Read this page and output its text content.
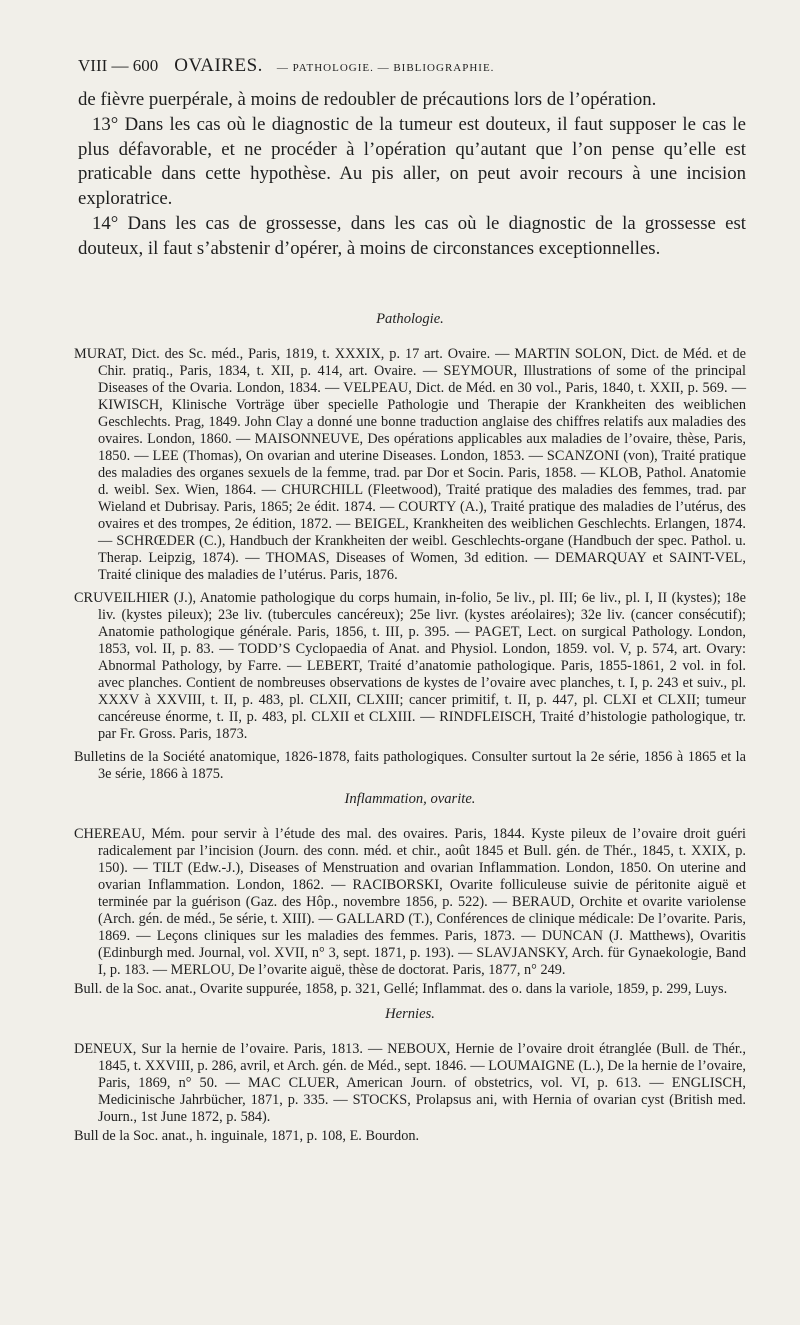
VIII — 600 OVAIRES. — PATHOLOGIE. — BIBLIOGRAPHIE.

de fièvre puerpérale, à moins de redoubler de précautions lors de l’opération.

13° Dans les cas où le diagnostic de la tumeur est douteux, il faut supposer le cas le plus défavorable, et ne procéder à l’opération qu’autant que l’on pense qu’elle est praticable dans cette hypothèse. Au pis aller, on peut avoir recours à une incision exploratrice.

14° Dans les cas de grossesse, dans les cas où le diagnostic de la grossesse est douteux, il faut s’abstenir d’opérer, à moins de circonstances exceptionnelles.

Pathologie.

MURAT, Dict. des Sc. méd., Paris, 1819, t. XXXIX, p. 17 art. Ovaire. — MARTIN SOLON, Dict. de Méd. et de Chir. pratiq., Paris, 1834, t. XII, p. 414, art. Ovaire. — SEYMOUR, Illustrations of some of the principal Diseases of the Ovaria. London, 1834. — VELPEAU, Dict. de Méd. en 30 vol., Paris, 1840, t. XXII, p. 569. — KIWISCH, Klinische Vorträge über specielle Pathologie und Therapie der Krankheiten des weiblichen Geschlechts. Prag, 1849. John Clay a donné une bonne traduction anglaise des chiffres relatifs aux maladies des ovaires. London, 1860. — MAISONNEUVE, Des opérations applicables aux maladies de l’ovaire, thèse, Paris, 1850. — LEE (Thomas), On ovarian and uterine Diseases. London, 1853. — SCANZONI (von), Traité pratique des maladies des organes sexuels de la femme, trad. par Dor et Socin. Paris, 1858. — KLOB, Pathol. Anatomie d. weibl. Sex. Wien, 1864. — CHURCHILL (Fleetwood), Traité pratique des maladies des femmes, trad. par Wieland et Dubrisay. Paris, 1865; 2e édit. 1874. — COURTY (A.), Traité pratique des maladies de l’utérus, des ovaires et des trompes, 2e édition, 1872. — BEIGEL, Krankheiten des weiblichen Geschlechts. Erlangen, 1874. — SCHRŒDER (C.), Handbuch der Krankheiten der weibl. Geschlechts-organe (Handbuch der spec. Pathol. u. Therap. Leipzig, 1874). — THOMAS, Diseases of Women, 3d edition. — DEMARQUAY et SAINT-VEL, Traité clinique des maladies de l’utérus. Paris, 1876.

CRUVEILHIER (J.), Anatomie pathologique du corps humain, in-folio, 5e liv., pl. III; 6e liv., pl. I, II (kystes); 18e liv. (kystes pileux); 23e liv. (tubercules cancéreux); 25e livr. (kystes aréolaires); 32e liv. (cancer consécutif); Anatomie pathologique générale. Paris, 1856, t. III, p. 395. — PAGET, Lect. on surgical Pathology. London, 1853, vol. II, p. 83. — TODD’S Cyclopaedia of Anat. and Physiol. London, 1859. vol. V, p. 574, art. Ovary: Abnormal Pathology, by Farre. — LEBERT, Traité d’anatomie pathologique. Paris, 1855-1861, 2 vol. in fol. avec planches. Contient de nombreuses observations de kystes de l’ovaire avec planches, t. I, p. 243 et suiv., pl. XXXV à XXVIII, t. II, p. 483, pl. CLXII, CLXIII; cancer primitif, t. II, p. 447, pl. CLXI et CLXII; tumeur cancéreuse énorme, t. II, p. 483, pl. CLXII et CLXIII. — RINDFLEISCH, Traité d’histologie pathologique, tr. par Fr. Gross. Paris, 1873.

Bulletins de la Société anatomique, 1826-1878, faits pathologiques. Consulter surtout la 2e série, 1856 à 1865 et la 3e série, 1866 à 1875.

Inflammation, ovarite.

CHEREAU, Mém. pour servir à l’étude des mal. des ovaires. Paris, 1844. Kyste pileux de l’ovaire droit guéri radicalement par l’incision (Journ. des conn. méd. et chir., août 1845 et Bull. gén. de Thér., 1845, t. XXIX, p. 150). — TILT (Edw.-J.), Diseases of Menstruation and ovarian Inflammation. London, 1850. On uterine and ovarian Inflammation. London, 1862. — RACIBORSKI, Ovarite folliculeuse suivie de péritonite aiguë et terminée par la guérison (Gaz. des Hôp., novembre 1856, p. 522). — BERAUD, Orchite et ovarite variolense (Arch. gén. de méd., 5e série, t. XIII). — GALLARD (T.), Conférences de clinique médicale: De l’ovarite. Paris, 1869. — Leçons cliniques sur les maladies des femmes. Paris, 1873. — DUNCAN (J. Matthews), Ovaritis (Edinburgh med. Journal, vol. XVII, n° 3, sept. 1871, p. 193). — SLAVJANSKY, Arch. für Gynaekologie, Band I, p. 183. — MERLOU, De l’ovarite aiguë, thèse de doctorat. Paris, 1877, n° 249.

Bull. de la Soc. anat., Ovarite suppurée, 1858, p. 321, Gellé; Inflammat. des o. dans la variole, 1859, p. 299, Luys.

Hernies.

DENEUX, Sur la hernie de l’ovaire. Paris, 1813. — NEBOUX, Hernie de l’ovaire droit étranglée (Bull. de Thér., 1845, t. XXVIII, p. 286, avril, et Arch. gén. de Méd., sept. 1846. — LOUMAIGNE (L.), De la hernie de l’ovaire, Paris, 1869, n° 50. — MAC CLUER, American Journ. of obstetrics, vol. VI, p. 613. — ENGLISCH, Medicinische Jahrbücher, 1871, p. 335. — STOCKS, Prolapsus ani, with Hernia of ovarian cyst (British med. Journ., 1st June 1872, p. 584).

Bull de la Soc. anat., h. inguinale, 1871, p. 108, E. Bourdon.
